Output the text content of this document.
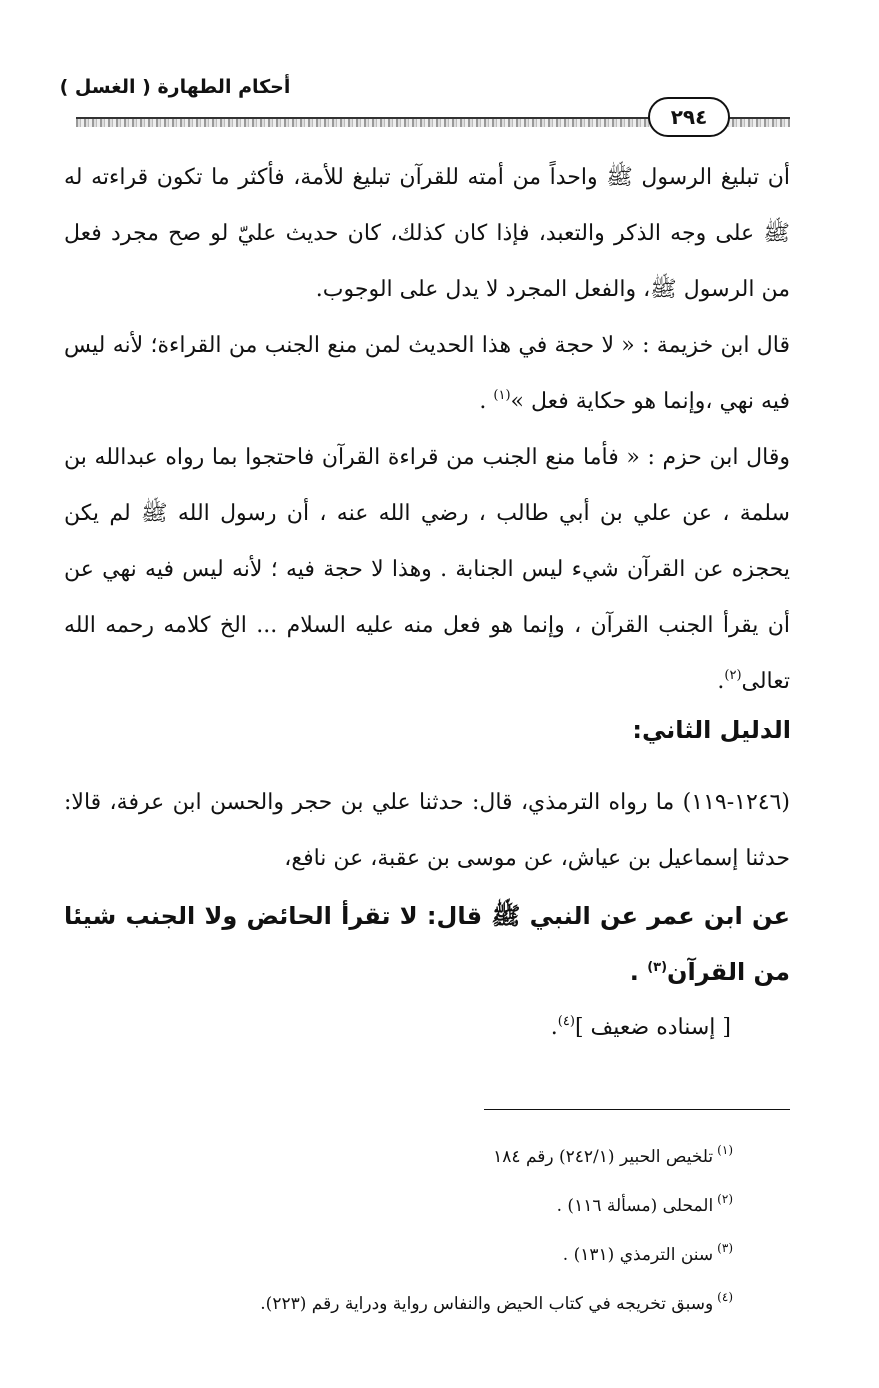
أحكام الطهارة ( الغسل )
٢٩٤
أن تبليغ الرسول ﷺ واحداً من أمته للقرآن تبليغ للأمة، فأكثر ما تكون قراءته له ﷺ على وجه الذكر والتعبد، فإذا كان كذلك، كان حديث عليّ لو صح مجرد فعل من الرسول ﷺ، والفعل المجرد لا يدل على الوجوب.
قال ابن خزيمة : « لا حجة في هذا الحديث لمن منع الجنب من القراءة؛ لأنه ليس فيه نهي ،وإنما هو حكاية فعل »$^{(١)}$ .
وقال ابن حزم : « فأما منع الجنب من قراءة القرآن فاحتجوا بما رواه عبدالله بن سلمة ، عن علي بن أبي طالب ، رضي الله عنه ، أن رسول الله ﷺ لم يكن يحجزه عن القرآن شيء ليس الجنابة . وهذا لا حجة فيه ؛ لأنه ليس فيه نهي عن أن يقرأ الجنب القرآن ، وإنما هو فعل منه عليه السلام ... الخ كلامه رحمه الله تعالى$^{(٢)}$.
الدليل الثاني:
(١٢٤٦-١١٩) ما رواه الترمذي، قال: حدثنا علي بن حجر والحسن ابن عرفة، قالا: حدثنا إسماعيل بن عياش، عن موسى بن عقبة، عن نافع،
عن ابن عمر عن النبي ﷺ قال: لا تقرأ الحائض ولا الجنب شيئا من القرآن$^{(٣)}$ .
[ إسناده ضعيف ]$^{(٤)}$.
$^{(١)}$تلخيص الحبير (٢٤٢/١) رقم ١٨٤
$^{(٢)}$المحلى (مسألة ١١٦) .
$^{(٣)}$سنن الترمذي (١٣١) .
$^{(٤)}$وسبق تخريجه في كتاب الحيض والنفاس رواية ودراية رقم (٢٢٣).
